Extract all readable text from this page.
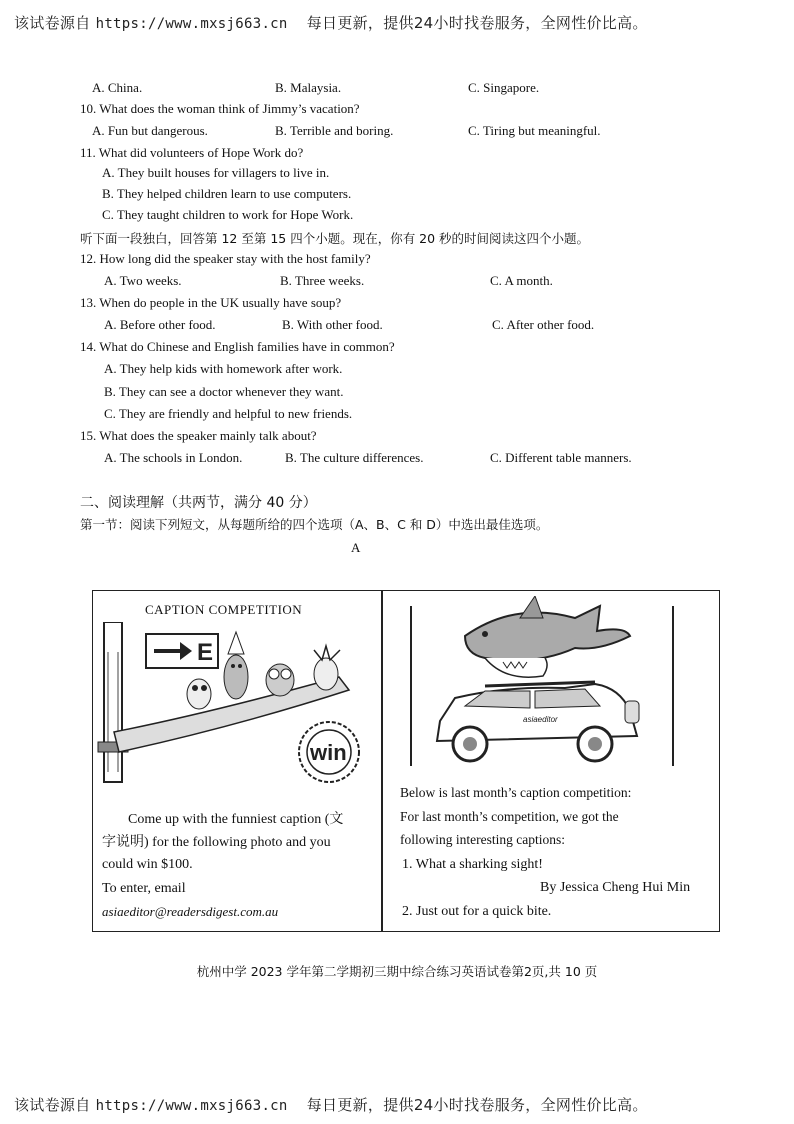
该试卷源自 https://www.mxsj663.cn 每日更新，提供24小时找卷服务，全网性价比高。
A. China.	B. Malaysia.	C. Singapore.
10. What does the woman think of Jimmy’s vacation?
A. Fun but dangerous.	B. Terrible and boring.	C. Tiring but meaningful.
11. What did volunteers of Hope Work do?
A. They built houses for villagers to live in.
B. They helped children learn to use computers.
C. They taught children to work for Hope Work.
听下面一段独白，回答第 12 至第 15 四个小题。现在，你有 20 秒的时间阅读这四个小题。
12. How long did the speaker stay with the host family?
A. Two weeks.	B. Three weeks.	C. A month.
13. When do people in the UK usually have soup?
A. Before other food.	B. With other food.	C. After other food.
14. What do Chinese and English families have in common?
A. They help kids with homework after work.
B. They can see a doctor whenever they want.
C. They are friendly and helpful to new friends.
15. What does the speaker mainly talk about?
A. The schools in London.	B. The culture differences.	C. Different table manners.
二、阅读理解（共两节，满分 40 分）
第一节：阅读下列短文，从每题所给的四个选项（A、B、C 和 D）中选出最佳选项。
A
CAPTION COMPETITION
E
win
Come up with the funniest caption (文
字说明) for the following photo and you
could win $100.
To enter, email
asiaeditor@readersdigest.com.au
asiaeditor
Below is last month’s caption competition:
For last month’s competition, we got the
following interesting captions:
1. What a sharking sight!
By Jessica Cheng Hui Min
2. Just out for a quick bite.
杭州中学 2023 学年第二学期初三期中综合练习英语试卷第2页,共 10 页
该试卷源自 https://www.mxsj663.cn 每日更新，提供24小时找卷服务，全网性价比高。
